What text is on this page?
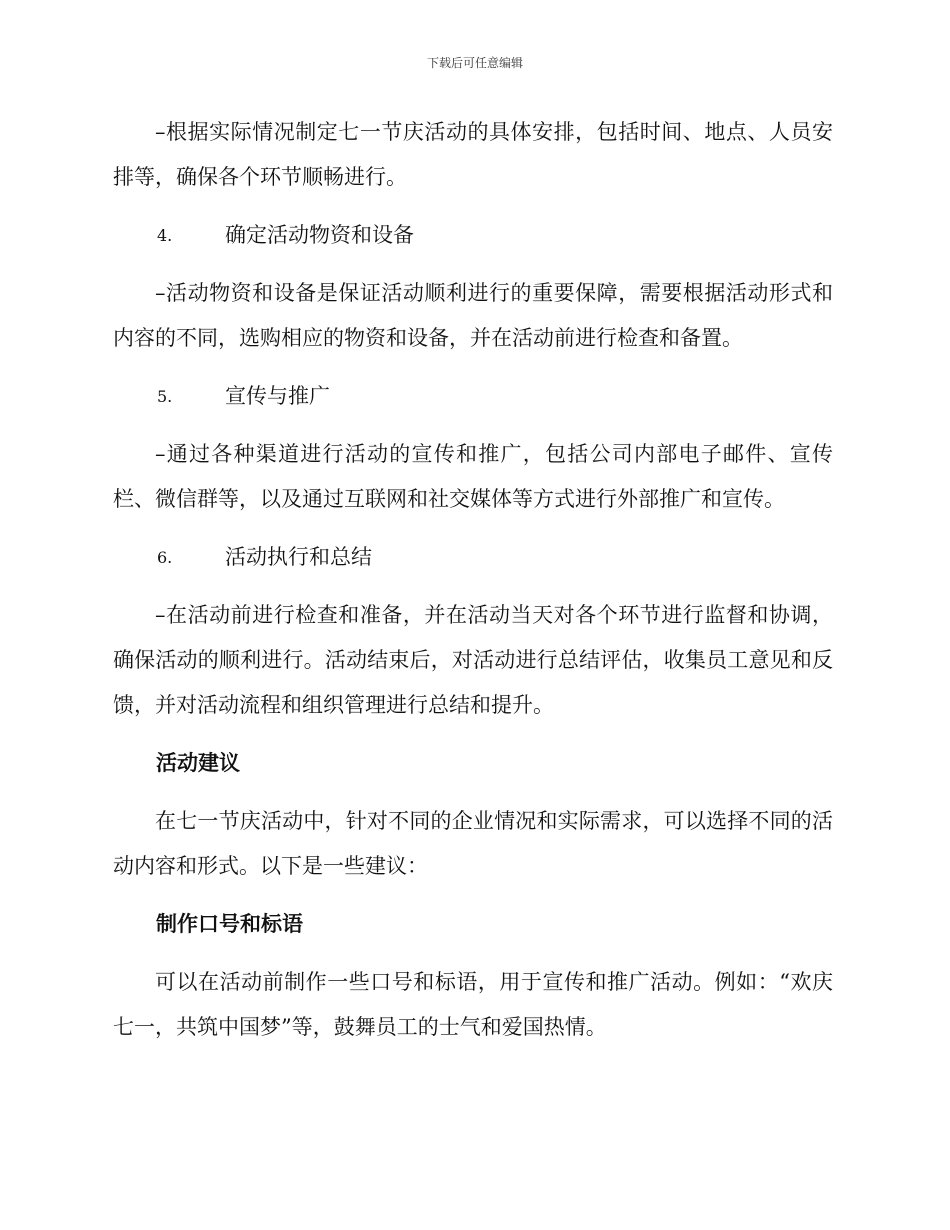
下载后可任意编辑

–根据实际情况制定七一节庆活动的具体安排，包括时间、地点、人员安排等，确保各个环节顺畅进行。

4.	确定活动物资和设备

–活动物资和设备是保证活动顺利进行的重要保障，需要根据活动形式和内容的不同，选购相应的物资和设备，并在活动前进行检查和备置。

5.	宣传与推广

–通过各种渠道进行活动的宣传和推广，包括公司内部电子邮件、宣传栏、微信群等，以及通过互联网和社交媒体等方式进行外部推广和宣传。

6.	活动执行和总结

–在活动前进行检查和准备，并在活动当天对各个环节进行监督和协调，确保活动的顺利进行。活动结束后，对活动进行总结评估，收集员工意见和反馈，并对活动流程和组织管理进行总结和提升。

活动建议

在七一节庆活动中，针对不同的企业情况和实际需求，可以选择不同的活动内容和形式。以下是一些建议：

制作口号和标语

可以在活动前制作一些口号和标语，用于宣传和推广活动。例如：“欢庆七一，共筑中国梦”等，鼓舞员工的士气和爱国热情。
